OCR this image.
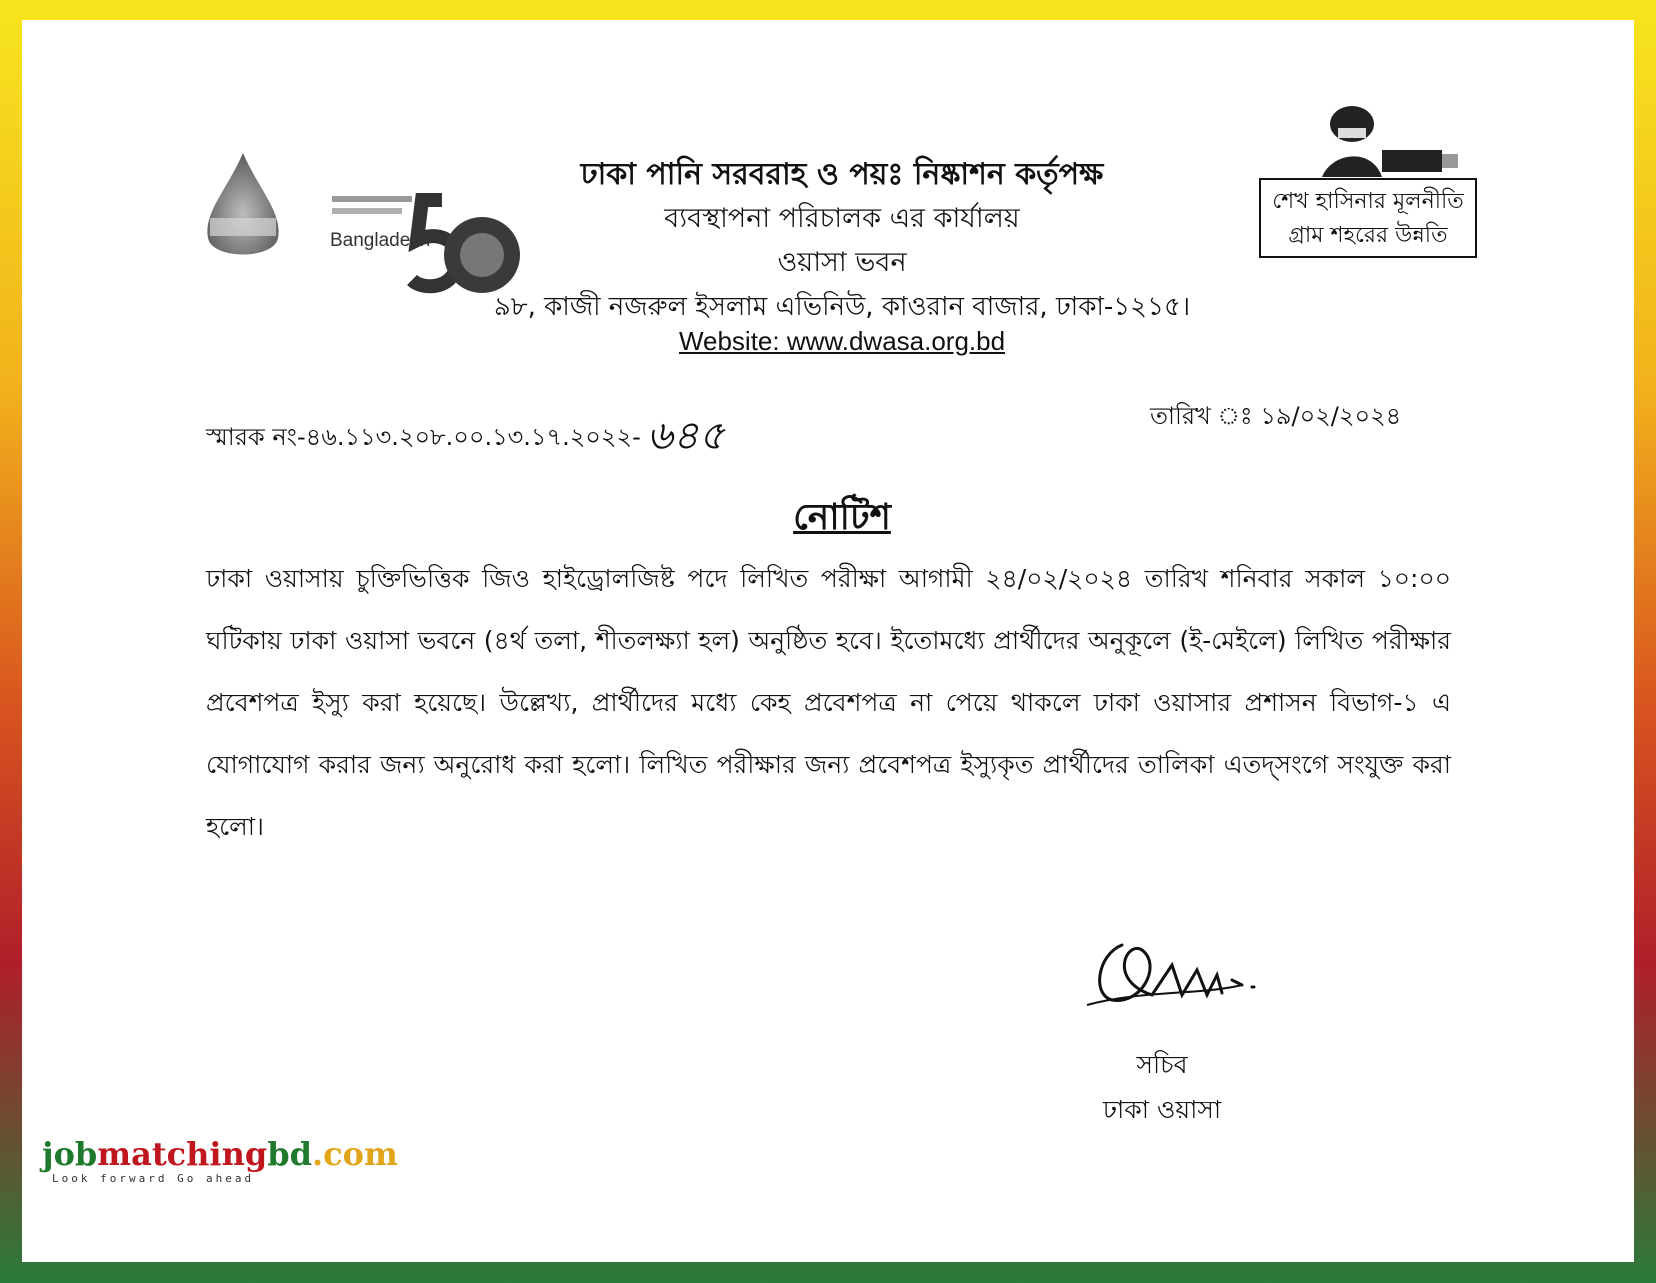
Bangladesh
ঢাকা পানি সরবরাহ ও পয়ঃ নিষ্কাশন কর্তৃপক্ষ
ব্যবস্থাপনা পরিচালক এর কার্যালয়
ওয়াসা ভবন
৯৮, কাজী নজরুল ইসলাম এভিনিউ, কাওরান বাজার, ঢাকা-১২১৫।
Website: www.dwasa.org.bd
শেখ হাসিনার মূলনীতি
গ্রাম শহরের উন্নতি
স্মারক নং-৪৬.১১৩.২০৮.০০.১৩.১৭.২০২২- ৬৪৫	তারিখ ঃ ১৯/০২/২০২৪
নোটিশ
ঢাকা ওয়াসায় চুক্তিভিত্তিক জিও হাইড্রোলজিষ্ট পদে লিখিত পরীক্ষা আগামী ২৪/০২/২০২৪ তারিখ শনিবার সকাল ১০:০০ ঘটিকায় ঢাকা ওয়াসা ভবনে (৪র্থ তলা, শীতলক্ষ্যা হল) অনুষ্ঠিত হবে। ইতোমধ্যে প্রার্থীদের অনুকূলে (ই-মেইলে) লিখিত পরীক্ষার প্রবেশপত্র ইস্যু করা হয়েছে। উল্লেখ্য, প্রার্থীদের মধ্যে কেহ প্রবেশপত্র না পেয়ে থাকলে ঢাকা ওয়াসার প্রশাসন বিভাগ-১ এ যোগাযোগ করার জন্য অনুরোধ করা হলো। লিখিত পরীক্ষার জন্য প্রবেশপত্র ইস্যুকৃত প্রার্থীদের তালিকা এতদ্সংগে সংযুক্ত করা হলো।
সচিব
ঢাকা ওয়াসা
jobmatchingbd.com
Look forward Go ahead
